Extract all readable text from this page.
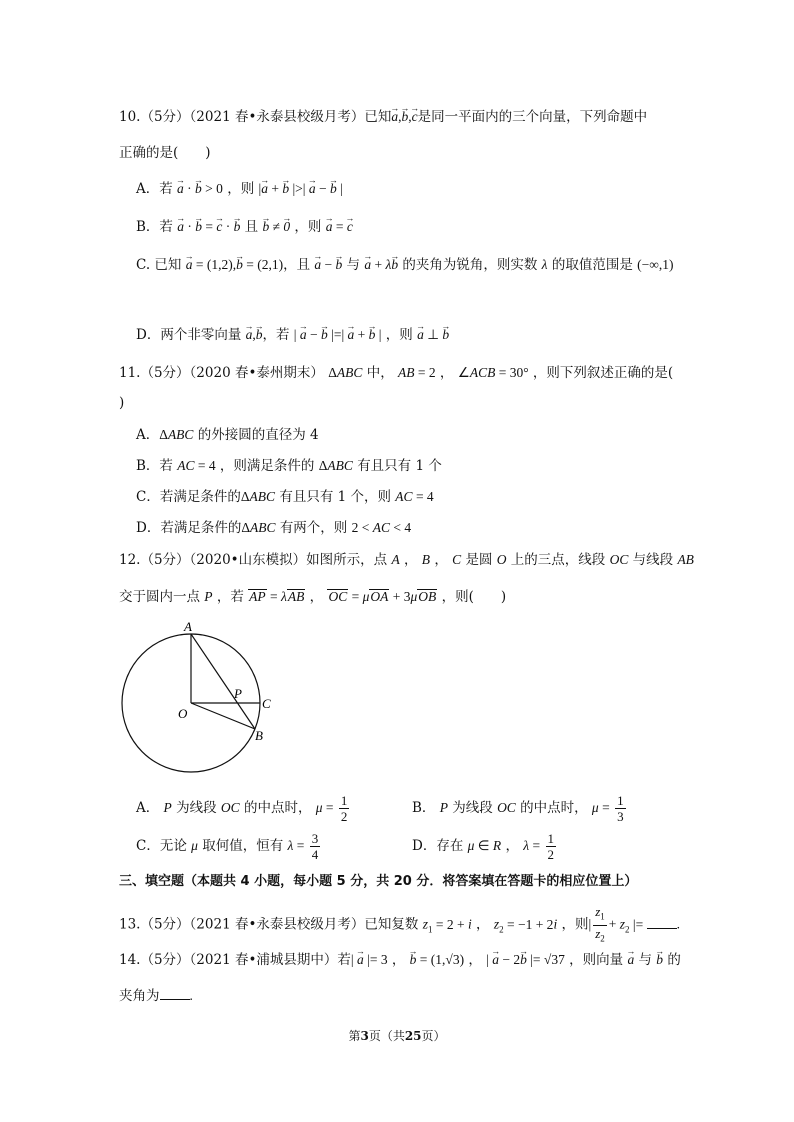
10.（5分）（2021 春•永泰县校级月考）已知→ a,→ b,→ c是同一平面内的三个向量，下列命题中
正确的是(　　)
A．若 → a · → b > 0 ，则 |→ a + → b |>| → a − → b |
B．若 → a · → b = → c · → b 且 → b ≠ → 0 ，则 → a = → c
C. 已知 → a = (1,2),→ b = (2,1)，且 → a − → b 与 → a + λ→ b 的夹角为锐角，则实数 λ 的取值范围是 (−∞,1)
D．两个非零向量 → a,→ b，若 | → a − → b |=| → a + → b | ，则 → a ⊥ → b
11.（5分）（2020 春•泰州期末） ΔABC 中， AB = 2 ， ∠ACB = 30° ，则下列叙述正确的是(
)
A．ΔABC 的外接圆的直径为 4
B．若 AC = 4 ，则满足条件的 ΔABC 有且只有 1 个
C．若满足条件的ΔABC 有且只有 1 个，则 AC = 4
D．若满足条件的ΔABC 有两个，则 2 < AC < 4
12.（5分）（2020•山东模拟）如图所示，点 A ， B ， C 是圆 O 上的三点，线段 OC 与线段 AB
交于圆内一点 P ，若 AP = λAB ， OC = μOA + 3μOB ，则(　　)
A
O
P
C
B
A． P 为线段 OC 的中点时， $\mu = \frac{1}{2}$	B． P 为线段 OC 的中点时， $\mu = \frac{1}{3}$
C．无论 μ 取何值，恒有 $\lambda = \frac{3}{4}$	D．存在 μ ∈ R ， $\lambda = \frac{1}{2}$
三、填空题（本题共 4 小题，每小题 5 分，共 20 分．将答案填在答题卡的相应位置上）
13.（5分）（2021 春•永泰县校级月考）已知复数 $z_1 = 2 + i$ ， $z_2 = -1 + 2i$ ，则| $\frac{z_1}{z_2} + z_2$ |= .
14.（5分）（2021 春•浦城县期中）若| → a |= 3 ， → b = (1,√3) ， | → a − 2→ b |= √37 ，则向量 → a 与 → b 的
夹角为 .
第3页（共25页）
